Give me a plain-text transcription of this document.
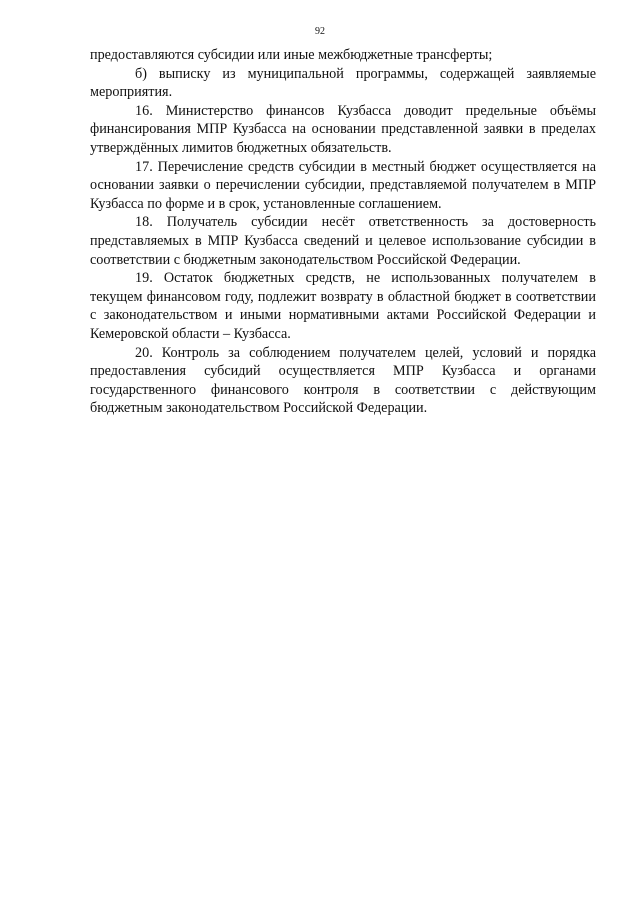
92

предоставляются субсидии или иные межбюджетные трансферты;

б) выписку из муниципальной программы, содержащей заявляемые мероприятия.

16. Министерство финансов Кузбасса доводит предельные объёмы финансирования МПР Кузбасса на основании представленной заявки в пределах утверждённых лимитов бюджетных обязательств.

17. Перечисление средств субсидии в местный бюджет осуществляется на основании заявки о перечислении субсидии, представляемой получателем в МПР Кузбасса по форме и в срок, установленные соглашением.

18. Получатель субсидии несёт ответственность за достоверность представляемых в МПР Кузбасса сведений и целевое использование субсидии в соответствии с бюджетным законодательством Российской Федерации.

19. Остаток бюджетных средств, не использованных получателем в текущем финансовом году, подлежит возврату в областной бюджет в соответствии с законодательством и иными нормативными актами Российской Федерации и Кемеровской области – Кузбасса.

20. Контроль за соблюдением получателем целей, условий и порядка предоставления субсидий осуществляется МПР Кузбасса и органами государственного финансового контроля в соответствии с действующим бюджетным законодательством Российской Федерации.
